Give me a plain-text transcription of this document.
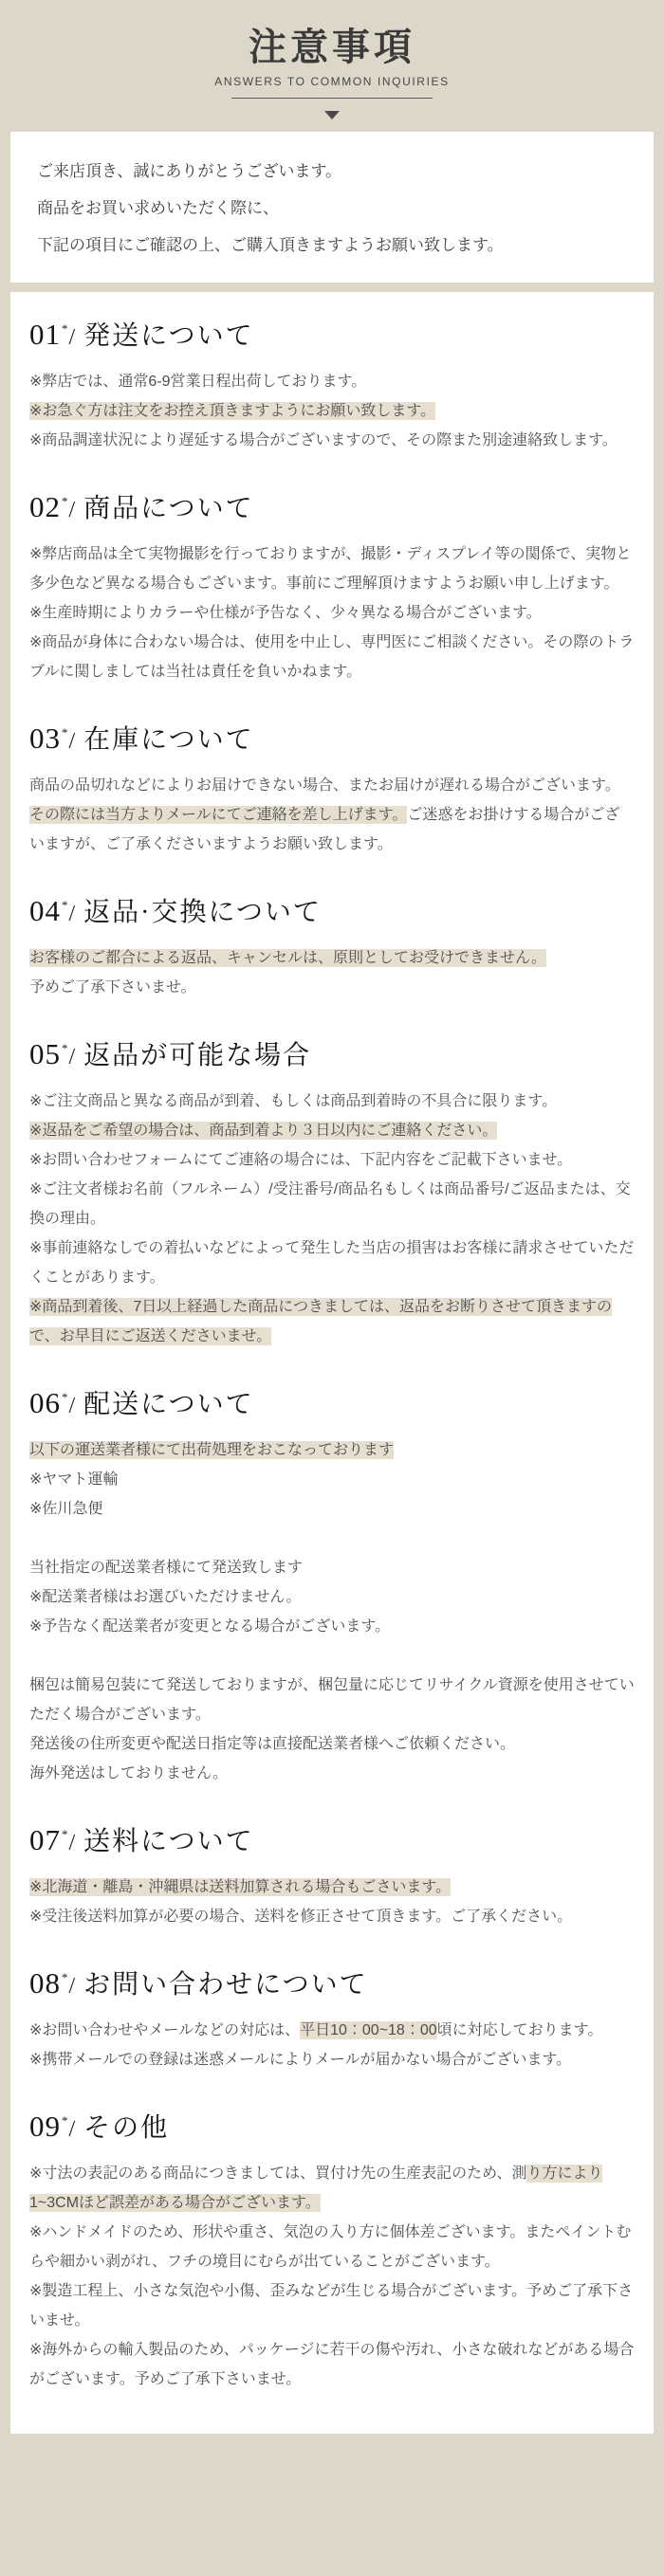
注意事項
ANSWERS TO COMMON INQUIRIES

ご来店頂き、誠にありがとうございます。

商品をお買い求めいただく際に、

下記の項目にご確認の上、ご購入頂きますようお願い致します。

01*/ 発送について

※弊店では、通常6-9営業日程出荷しております。

※お急ぐ方は注文をお控え頂きますようにお願い致します。

※商品調達状況により遅延する場合がございますので、その際また別途連絡致します。

02*/ 商品について

※弊店商品は全て実物撮影を行っておりますが、撮影・ディスプレイ等の関係で、実物と多少色など異なる場合もございます。事前にご理解頂けますようお願い申し上げます。

※生産時期によりカラーや仕様が予告なく、少々異なる場合がございます。

※商品が身体に合わない場合は、使用を中止し、専門医にご相談ください。その際のトラブルに関しましては当社は責任を負いかねます。

03*/ 在庫について

商品の品切れなどによりお届けできない場合、またお届けが遅れる場合がございます。その際には当方よりメールにてご連絡を差し上げます。ご迷惑をお掛けする場合がございますが、ご了承くださいますようお願い致します。

04*/ 返品·交換について

お客様のご都合による返品、キャンセルは、原則としてお受けできません。

予めご了承下さいませ。

05*/ 返品が可能な場合

※ご注文商品と異なる商品が到着、もしくは商品到着時の不具合に限ります。

※返品をご希望の場合は、商品到着より３日以内にご連絡ください。

※お問い合わせフォームにてご連絡の場合には、下記内容をご記載下さいませ。

※ご注文者様お名前（フルネーム）/受注番号/商品名もしくは商品番号/ご返品または、交換の理由。

※事前連絡なしでの着払いなどによって発生した当店の損害はお客様に請求させていただくことがあります。

※商品到着後、7日以上経過した商品につきましては、返品をお断りさせて頂きますので、お早目にご返送くださいませ。

06*/ 配送について

以下の運送業者様にて出荷処理をおこなっております

※ヤマト運輸

※佐川急便

当社指定の配送業者様にて発送致します

※配送業者様はお選びいただけません。

※予告なく配送業者が変更となる場合がございます。

梱包は簡易包装にて発送しておりますが、梱包量に応じてリサイクル資源を使用させていただく場合がございます。

発送後の住所変更や配送日指定等は直接配送業者様へご依頼ください。

海外発送はしておりません。

07*/ 送料について

※北海道・離島・沖縄県は送料加算される場合もごさいます。

※受注後送料加算が必要の場合、送料を修正させて頂きます。ご了承ください。

08*/ お問い合わせについて

※お問い合わせやメールなどの対応は、平日10：00~18：00頃に対応しております。

※携帯メールでの登録は迷惑メールによりメールが届かない場合がございます。

09*/ その他

※寸法の表記のある商品につきましては、買付け先の生産表記のため、測り方により1~3CMほど誤差がある場合がございます。

※ハンドメイドのため、形状や重さ、気泡の入り方に個体差ございます。またペイントむらや細かい剥がれ、フチの境目にむらが出ていることがございます。

※製造工程上、小さな気泡や小傷、歪みなどが生じる場合がございます。予めご了承下さいませ。

※海外からの輸入製品のため、パッケージに若干の傷や汚れ、小さな破れなどがある場合がございます。予めご了承下さいませ。
